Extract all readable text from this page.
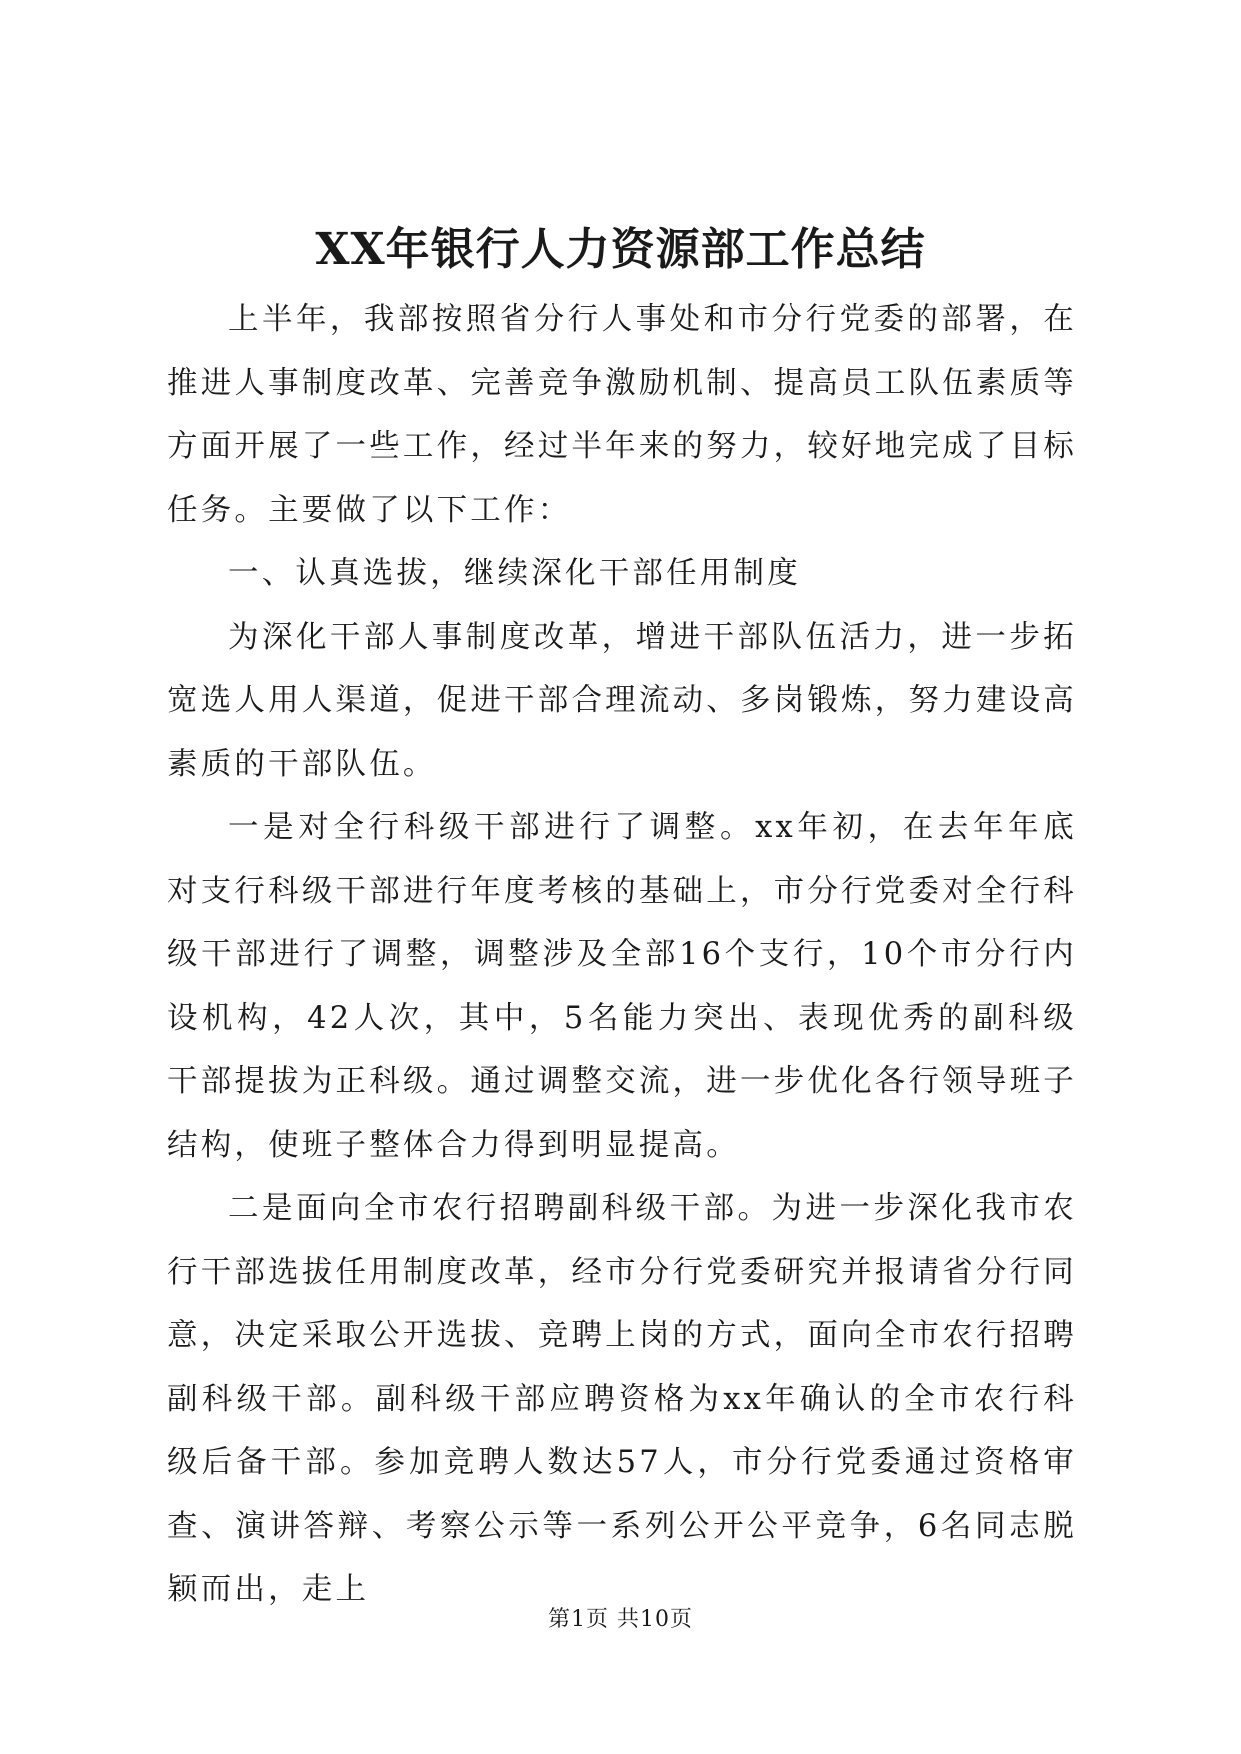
XX年银行人力资源部工作总结

上半年，我部按照省分行人事处和市分行党委的部署，在推进人事制度改革、完善竞争激励机制、提高员工队伍素质等方面开展了一些工作，经过半年来的努力，较好地完成了目标任务。主要做了以下工作：

一、认真选拔，继续深化干部任用制度

为深化干部人事制度改革，增进干部队伍活力，进一步拓宽选人用人渠道，促进干部合理流动、多岗锻炼，努力建设高素质的干部队伍。

一是对全行科级干部进行了调整。xx年初，在去年年底对支行科级干部进行年度考核的基础上，市分行党委对全行科级干部进行了调整，调整涉及全部16个支行，10个市分行内设机构，42人次，其中，5名能力突出、表现优秀的副科级干部提拔为正科级。通过调整交流，进一步优化各行领导班子结构，使班子整体合力得到明显提高。

二是面向全市农行招聘副科级干部。为进一步深化我市农行干部选拔任用制度改革，经市分行党委研究并报请省分行同意，决定采取公开选拔、竞聘上岗的方式，面向全市农行招聘副科级干部。副科级干部应聘资格为xx年确认的全市农行科级后备干部。参加竞聘人数达57人，市分行党委通过资格审查、演讲答辩、考察公示等一系列公开公平竞争，6名同志脱颖而出，走上

第1页 共10页
